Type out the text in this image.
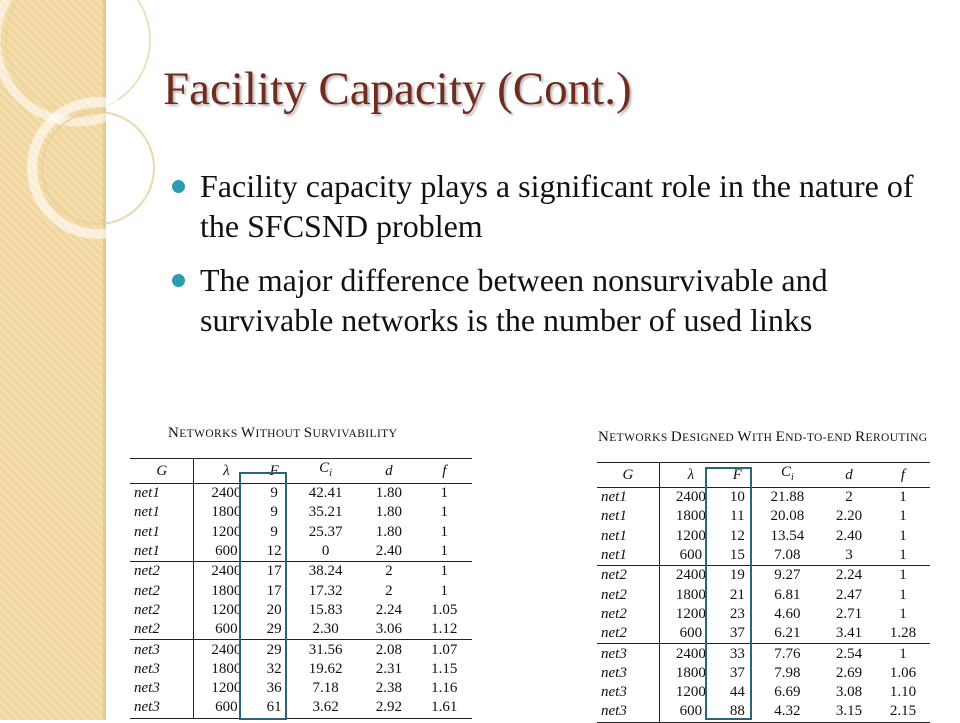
Facility Capacity (Cont.)
Facility capacity plays a significant role in the nature of the SFCSND problem
The major difference between nonsurvivable and survivable networks is the number of used links
NETWORKS WITHOUT SURVIVABILITY	NETWORKS DESIGNED WITH END-TO-END REROUTING
G	λ	F	$C_i$	d	f
net1	2400	9	42.41	1.80	1
net1	1800	9	35.21	1.80	1
net1	1200	9	25.37	1.80	1
net1	600	12	0	2.40	1
net2	2400	17	38.24	2	1
net2	1800	17	17.32	2	1
net2	1200	20	15.83	2.24	1.05
net2	600	29	2.30	3.06	1.12
net3	2400	29	31.56	2.08	1.07
net3	1800	32	19.62	2.31	1.15
net3	1200	36	7.18	2.38	1.16
net3	600	61	3.62	2.92	1.61
G	λ	F	$C_i$	d	f
net1	2400	10	21.88	2	1
net1	1800	11	20.08	2.20	1
net1	1200	12	13.54	2.40	1
net1	600	15	7.08	3	1
net2	2400	19	9.27	2.24	1
net2	1800	21	6.81	2.47	1
net2	1200	23	4.60	2.71	1
net2	600	37	6.21	3.41	1.28
net3	2400	33	7.76	2.54	1
net3	1800	37	7.98	2.69	1.06
net3	1200	44	6.69	3.08	1.10
net3	600	88	4.32	3.15	2.15
